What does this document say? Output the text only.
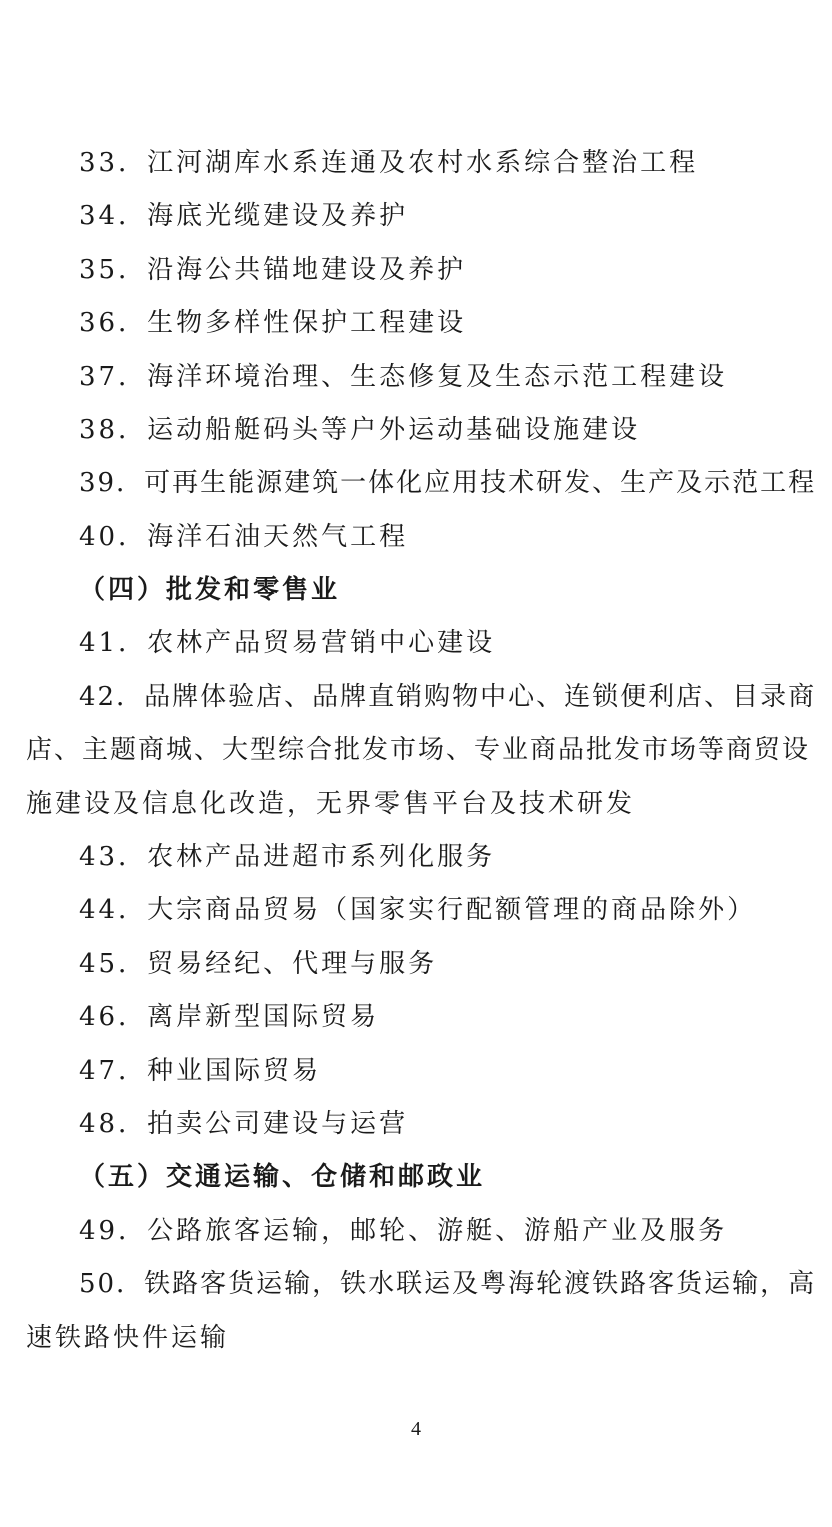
33．江河湖库水系连通及农村水系综合整治工程
34．海底光缆建设及养护
35．沿海公共锚地建设及养护
36．生物多样性保护工程建设
37．海洋环境治理、生态修复及生态示范工程建设
38．运动船艇码头等户外运动基础设施建设
39．可再生能源建筑一体化应用技术研发、生产及示范工程
40．海洋石油天然气工程
（四）批发和零售业
41．农林产品贸易营销中心建设
42．品牌体验店、品牌直销购物中心、连锁便利店、目录商
店、主题商城、大型综合批发市场、专业商品批发市场等商贸设
施建设及信息化改造，无界零售平台及技术研发
43．农林产品进超市系列化服务
44．大宗商品贸易（国家实行配额管理的商品除外）
45．贸易经纪、代理与服务
46．离岸新型国际贸易
47．种业国际贸易
48．拍卖公司建设与运营
（五）交通运输、仓储和邮政业
49．公路旅客运输，邮轮、游艇、游船产业及服务
50．铁路客货运输，铁水联运及粤海轮渡铁路客货运输，高
速铁路快件运输
4
